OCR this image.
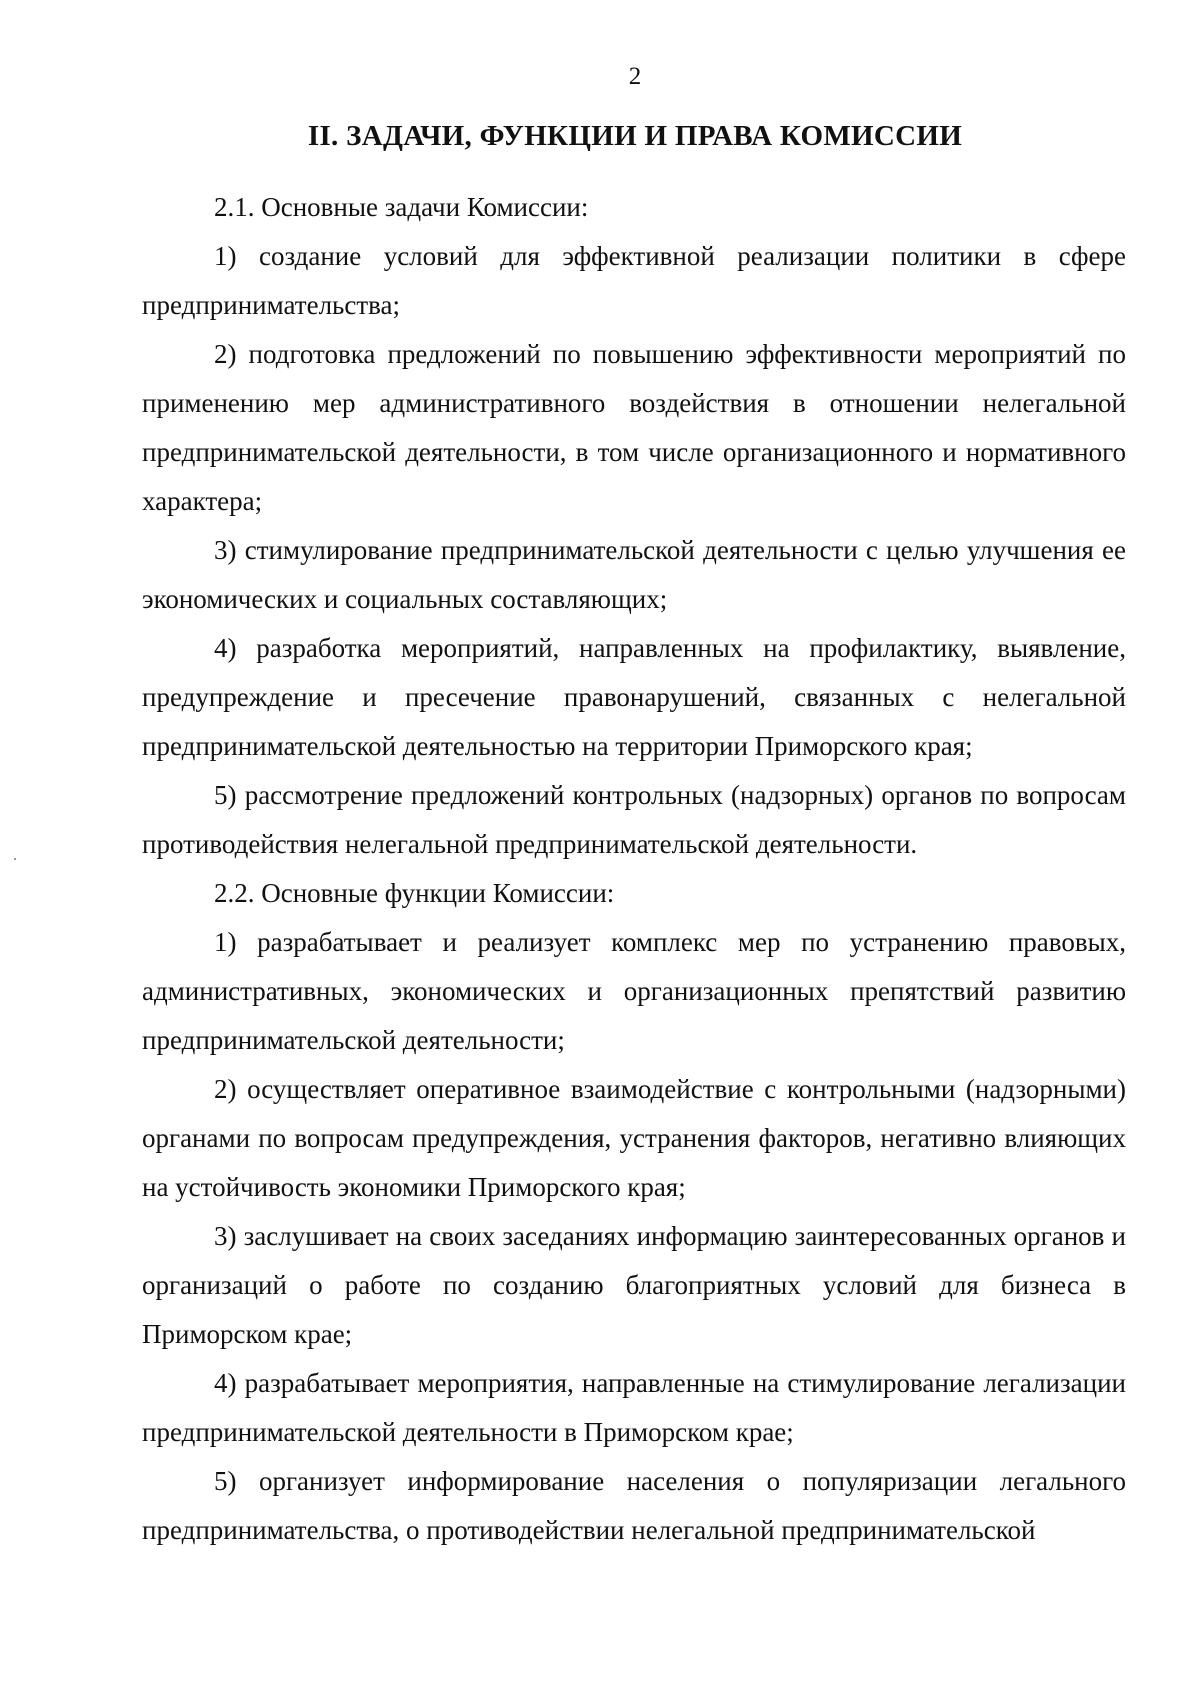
2
II. ЗАДАЧИ, ФУНКЦИИ И ПРАВА КОМИССИИ

2.1. Основные задачи Комиссии:

1) создание условий для эффективной реализации политики в сфере предпринимательства;

2) подготовка предложений по повышению эффективности мероприятий по применению мер административного воздействия в отношении нелегальной предпринимательской деятельности, в том числе организационного и нормативного характера;

3) стимулирование предпринимательской деятельности с целью улучшения ее экономических и социальных составляющих;

4) разработка мероприятий, направленных на профилактику, выявление, предупреждение и пресечение правонарушений, связанных с нелегальной предпринимательской деятельностью на территории Приморского края;

5) рассмотрение предложений контрольных (надзорных) органов по вопросам противодействия нелегальной предпринимательской деятельности.

2.2. Основные функции Комиссии:

1) разрабатывает и реализует комплекс мер по устранению правовых, административных, экономических и организационных препятствий развитию предпринимательской деятельности;

2) осуществляет оперативное взаимодействие с контрольными (надзорными) органами по вопросам предупреждения, устранения факторов, негативно влияющих на устойчивость экономики Приморского края;

3) заслушивает на своих заседаниях информацию заинтересованных органов и организаций о работе по созданию благоприятных условий для бизнеса в Приморском крае;

4) разрабатывает мероприятия, направленные на стимулирование легализации предпринимательской деятельности в Приморском крае;

5) организует информирование населения о популяризации легального предпринимательства, о противодействии нелегальной предпринимательской
